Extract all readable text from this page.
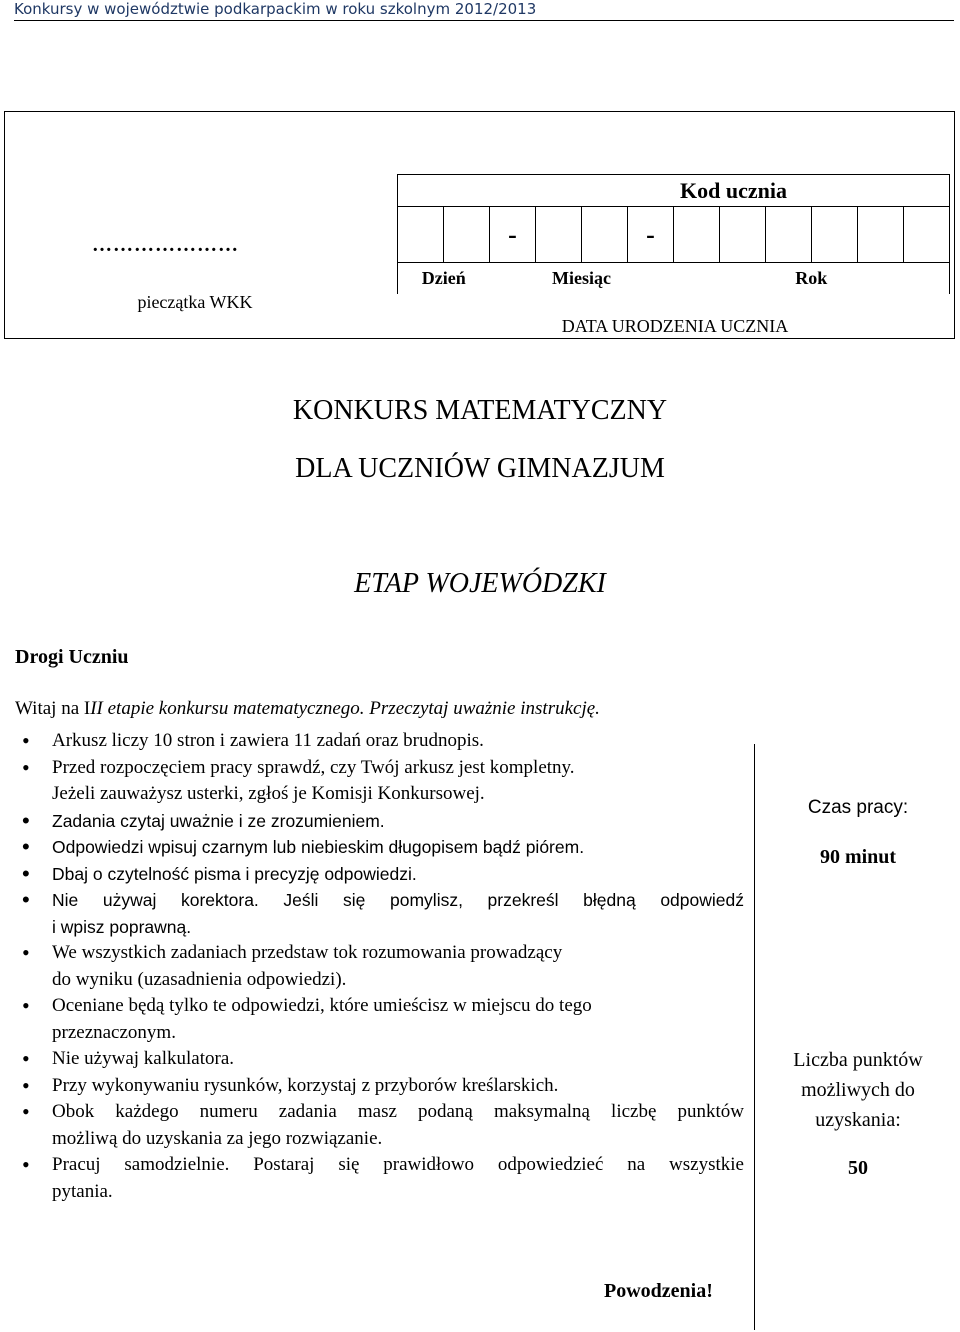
Konkursy w województwie podkarpackim w roku szkolnym 2012/2013
…………………
pieczątka WKK
Kod ucznia											
		-			-						
Dzień			Miesiąc			Rok					
DATA URODZENIA UCZNIA
KONKURS MATEMATYCZNY
DLA UCZNIÓW GIMNAZJUM
ETAP WOJEWÓDZKI
Drogi Uczniu
Witaj na III etapie konkursu matematycznego. Przeczytaj uważnie instrukcję.
• Arkusz liczy 10 stron i zawiera 11 zadań oraz brudnopis.
• Przed rozpoczęciem pracy sprawdź, czy Twój arkusz jest kompletny.
Jeżeli zauważysz usterki, zgłoś je Komisji Konkursowej.
• Zadania czytaj uważnie i ze zrozumieniem.
• Odpowiedzi wpisuj czarnym lub niebieskim długopisem bądź piórem.
• Dbaj o czytelność pisma i precyzję odpowiedzi.
• Nie używaj korektora. Jeśli się pomylisz, przekreśl błędną odpowiedź
i wpisz poprawną.
• We wszystkich zadaniach przedstaw tok rozumowania prowadzący
do wyniku (uzasadnienia odpowiedzi).
• Oceniane będą tylko te odpowiedzi, które umieścisz w miejscu do tego
przeznaczonym.
• Nie używaj kalkulatora.
• Przy wykonywaniu rysunków, korzystaj z przyborów kreślarskich.
• Obok każdego numeru zadania masz podaną maksymalną liczbę punktów
możliwą do uzyskania za jego rozwiązanie.
• Pracuj samodzielnie. Postaraj się prawidłowo odpowiedzieć na wszystkie
pytania.
Czas pracy:
90 minut
Liczba punktów możliwych do uzyskania:
50
Powodzenia!
